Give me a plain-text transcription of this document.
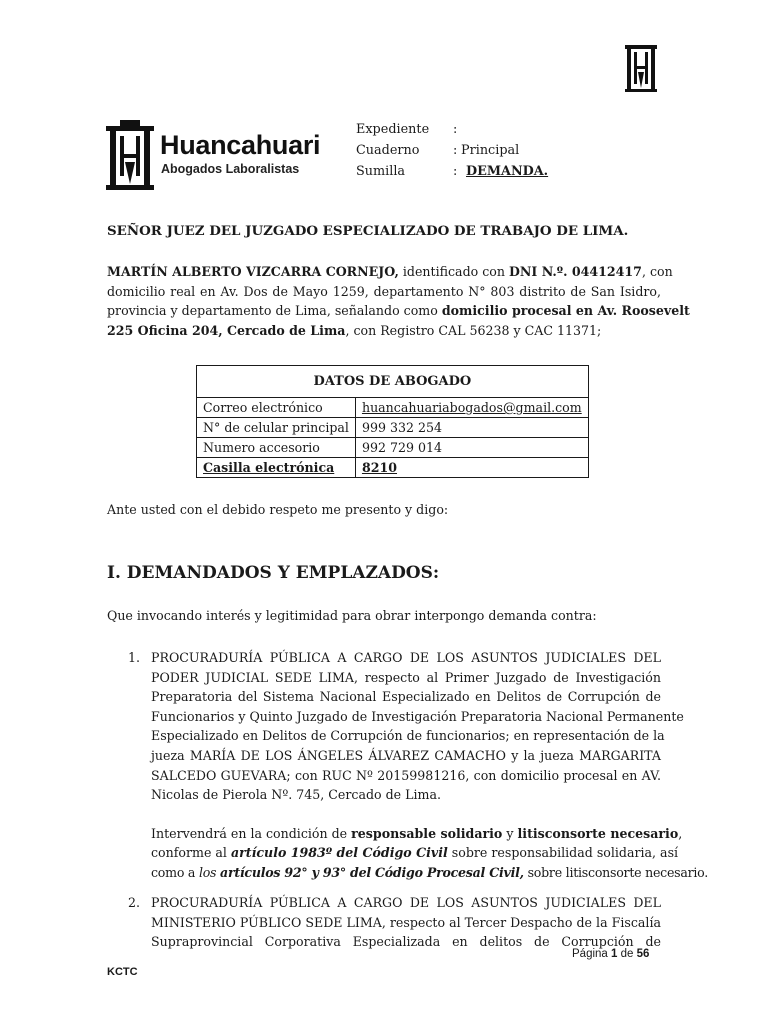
Huancahuari
Abogados Laboralistas
Expediente :
Cuaderno	: Principal
Sumilla	: DEMANDA.
SEÑOR JUEZ DEL JUZGADO ESPECIALIZADO DE TRABAJO DE LIMA.
MARTÍN ALBERTO VIZCARRA CORNEJO, identificado con DNI N.º. 04412417, con
domicilio real en Av. Dos de Mayo 1259, departamento N° 803 distrito de San Isidro,
provincia y departamento de Lima, señalando como domicilio procesal en Av. Roosevelt
225 Oficina 204, Cercado de Lima, con Registro CAL 56238 y CAC 11371;
DATOS DE ABOGADO	
Correo electrónico	huancahuariabogados@gmail.com
N° de celular principal	999 332 254
Numero accesorio	992 729 014
Casilla electrónica	8210
Ante usted con el debido respeto me presento y digo:
I. DEMANDADOS Y EMPLAZADOS:
Que invocando interés y legitimidad para obrar interpongo demanda contra:
1. PROCURADURÍA PÚBLICA A CARGO DE LOS ASUNTOS JUDICIALES DEL
PODER JUDICIAL SEDE LIMA, respecto al Primer Juzgado de Investigación
Preparatoria del Sistema Nacional Especializado en Delitos de Corrupción de
Funcionarios y Quinto Juzgado de Investigación Preparatoria Nacional Permanente
Especializado en Delitos de Corrupción de funcionarios; en representación de la
jueza MARÍA DE LOS ÁNGELES ÁLVAREZ CAMACHO y la jueza MARGARITA
SALCEDO GUEVARA; con RUC Nº 20159981216, con domicilio procesal en AV.
Nicolas de Pierola Nº. 745, Cercado de Lima.
Intervendrá en la condición de responsable solidario y litisconsorte necesario,
conforme al artículo 1983º del Código Civil sobre responsabilidad solidaria, así
como a los artículos 92° y 93° del Código Procesal Civil, sobre litisconsorte necesario.
2. PROCURADURÍA PÚBLICA A CARGO DE LOS ASUNTOS JUDICIALES DEL
MINISTERIO PÚBLICO SEDE LIMA, respecto al Tercer Despacho de la Fiscalía
Supraprovincial Corporativa Especializada en delitos de Corrupción de
Página 1 de 56
KCTC
